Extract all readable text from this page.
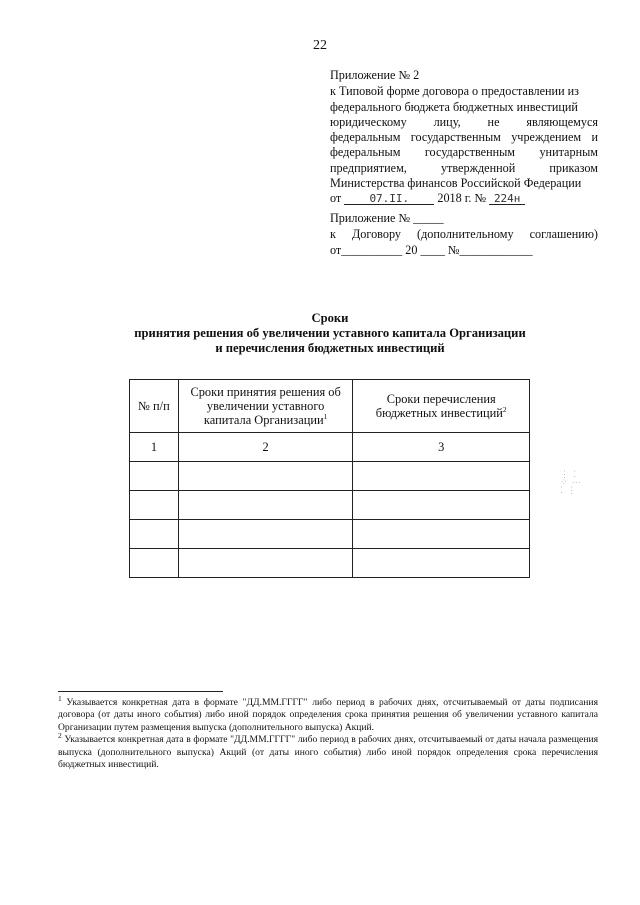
22
Приложение № 2
к Типовой форме договора о предоставлении из
федерального бюджета бюджетных инвестиций
юридическому лицу, не являющемуся
федеральным государственным учреждением и
федеральным государственным унитарным
предприятием, утвержденной приказом
Министерства финансов Российской Федерации
от	07.II. 2018 г. № 224н
Приложение № _____
к Договору (дополнительному соглашению)
от__________ 20 ____ №____________
Сроки
принятия решения об увеличении уставного капитала Организации
и перечисления бюджетных инвестиций
№ п/п	Сроки принятия решения об увеличении уставного капитала Организации$^1$	Сроки перечисления бюджетных инвестиций$^2$
1	2	3

⋮ ⁚
⁘ ⋯
⁚ ⋮

$^1$ Указывается конкретная дата в формате "ДД.ММ.ГГГГ" либо период в рабочих днях, отсчитываемый от даты подписания договора (от даты иного события) либо иной порядок определения срока принятия решения об увеличении уставного капитала Организации путем размещения выпуска (дополнительного выпуска) Акций.

$^2$ Указывается конкретная дата в формате "ДД.ММ.ГГГГ" либо период в рабочих днях, отсчитываемый от даты начала размещения выпуска (дополнительного выпуска) Акций (от даты иного события) либо иной порядок определения срока перечисления бюджетных инвестиций.
